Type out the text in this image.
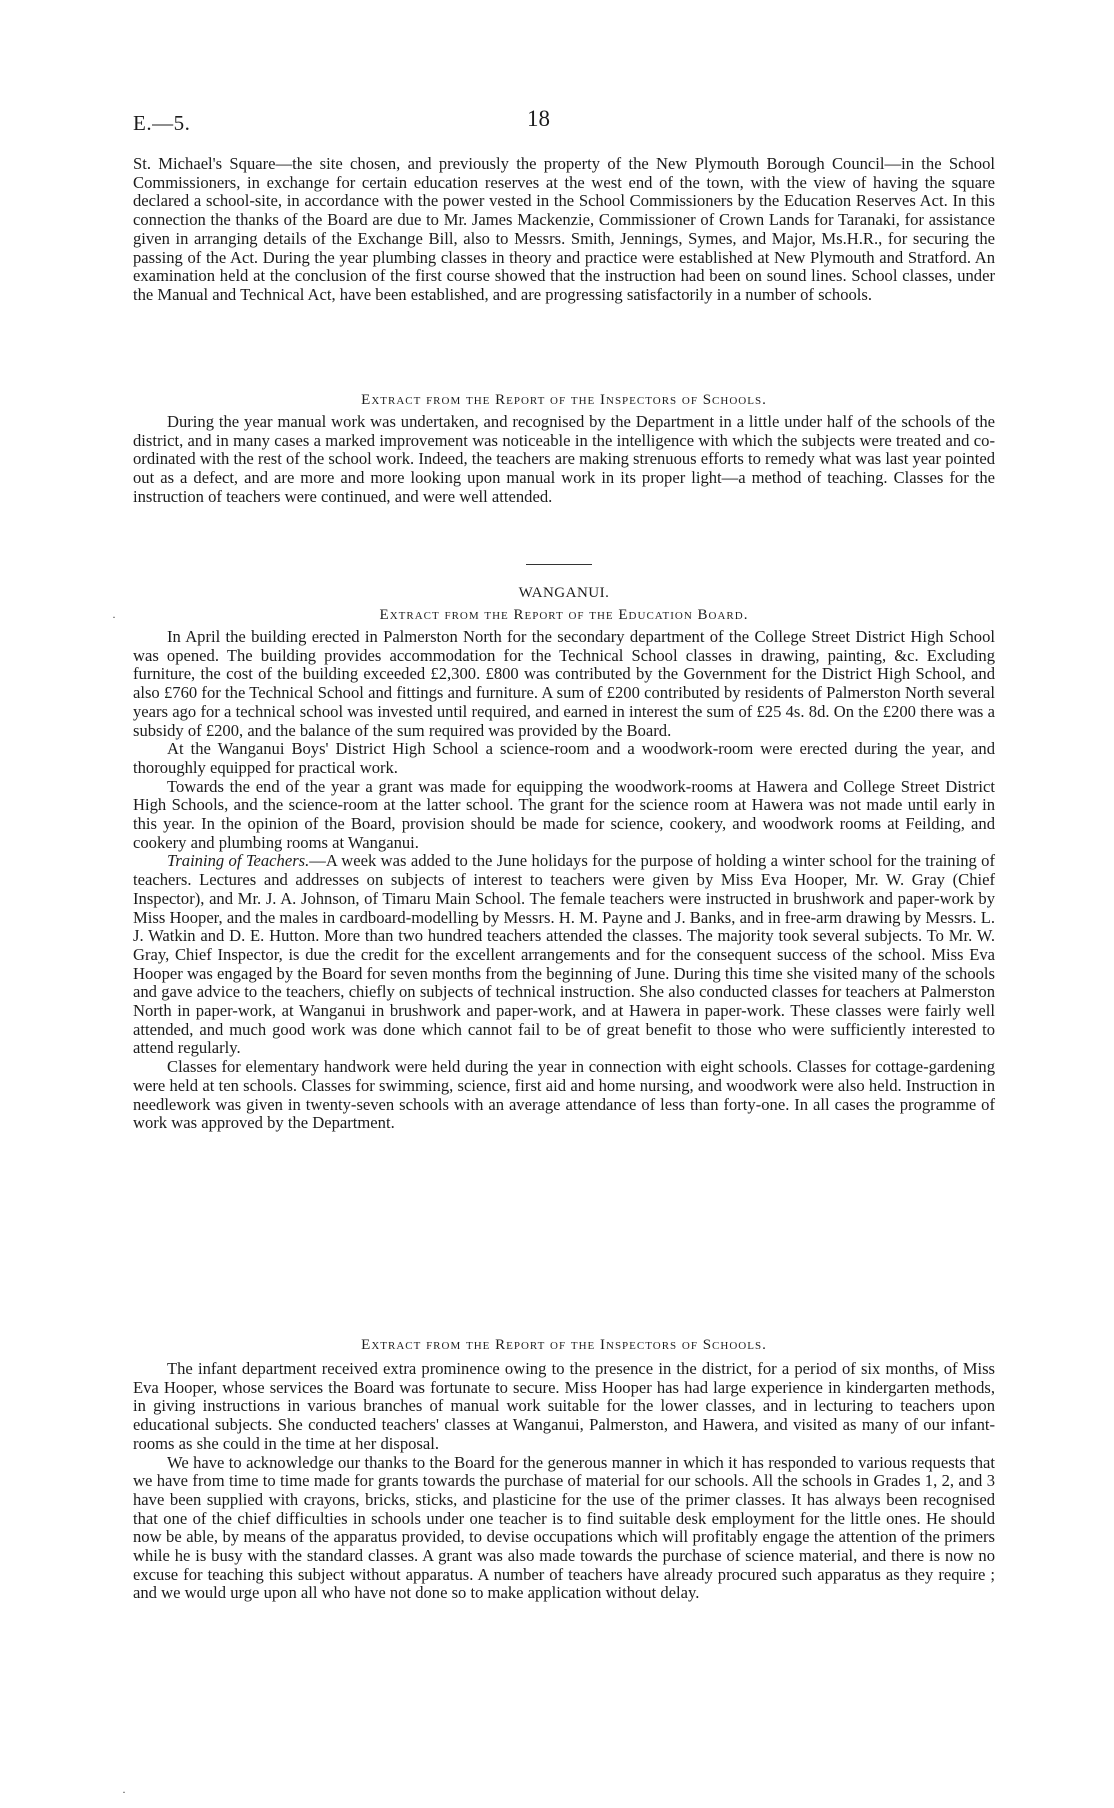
E.—5.	18

St. Michael's Square—the site chosen, and previously the property of the New Plymouth Borough Council—in the School Commissioners, in exchange for certain education reserves at the west end of the town, with the view of having the square declared a school-site, in accordance with the power vested in the School Commissioners by the Education Reserves Act. In this connection the thanks of the Board are due to Mr. James Mackenzie, Commissioner of Crown Lands for Taranaki, for assistance given in arranging details of the Exchange Bill, also to Messrs. Smith, Jennings, Symes, and Major, Ms.H.R., for securing the passing of the Act. During the year plumbing classes in theory and practice were established at New Plymouth and Stratford. An examination held at the conclusion of the first course showed that the instruction had been on sound lines. School classes, under the Manual and Technical Act, have been established, and are progressing satisfactorily in a number of schools.

Extract from the Report of the Inspectors of Schools.

During the year manual work was undertaken, and recognised by the Department in a little under half of the schools of the district, and in many cases a marked improvement was noticeable in the intelligence with which the subjects were treated and co-ordinated with the rest of the school work. Indeed, the teachers are making strenuous efforts to remedy what was last year pointed out as a defect, and are more and more looking upon manual work in its proper light—a method of teaching. Classes for the instruction of teachers were continued, and were well attended.

WANGANUI.
Extract from the Report of the Education Board.

In April the building erected in Palmerston North for the secondary department of the College Street District High School was opened. The building provides accommodation for the Technical School classes in drawing, painting, &c. Excluding furniture, the cost of the building exceeded £2,300. £800 was contributed by the Government for the District High School, and also £760 for the Technical School and fittings and furniture. A sum of £200 contributed by residents of Palmerston North several years ago for a technical school was invested until required, and earned in interest the sum of £25 4s. 8d. On the £200 there was a subsidy of £200, and the balance of the sum required was provided by the Board.

At the Wanganui Boys' District High School a science-room and a woodwork-room were erected during the year, and thoroughly equipped for practical work.

Towards the end of the year a grant was made for equipping the woodwork-rooms at Hawera and College Street District High Schools, and the science-room at the latter school. The grant for the science room at Hawera was not made until early in this year. In the opinion of the Board, provision should be made for science, cookery, and woodwork rooms at Feilding, and cookery and plumbing rooms at Wanganui.

Training of Teachers.—A week was added to the June holidays for the purpose of holding a winter school for the training of teachers. Lectures and addresses on subjects of interest to teachers were given by Miss Eva Hooper, Mr. W. Gray (Chief Inspector), and Mr. J. A. Johnson, of Timaru Main School. The female teachers were instructed in brushwork and paper-work by Miss Hooper, and the males in cardboard-modelling by Messrs. H. M. Payne and J. Banks, and in free-arm drawing by Messrs. L. J. Watkin and D. E. Hutton. More than two hundred teachers attended the classes. The majority took several subjects. To Mr. W. Gray, Chief Inspector, is due the credit for the excellent arrangements and for the consequent success of the school. Miss Eva Hooper was engaged by the Board for seven months from the beginning of June. During this time she visited many of the schools and gave advice to the teachers, chiefly on subjects of technical instruction. She also conducted classes for teachers at Palmerston North in paper-work, at Wanganui in brushwork and paper-work, and at Hawera in paper-work. These classes were fairly well attended, and much good work was done which cannot fail to be of great benefit to those who were sufficiently interested to attend regularly.

Classes for elementary handwork were held during the year in connection with eight schools. Classes for cottage-gardening were held at ten schools. Classes for swimming, science, first aid and home nursing, and woodwork were also held. Instruction in needlework was given in twenty-seven schools with an average attendance of less than forty-one. In all cases the programme of work was approved by the Department.

Extract from the Report of the Inspectors of Schools.

The infant department received extra prominence owing to the presence in the district, for a period of six months, of Miss Eva Hooper, whose services the Board was fortunate to secure. Miss Hooper has had large experience in kindergarten methods, in giving instructions in various branches of manual work suitable for the lower classes, and in lecturing to teachers upon educational subjects. She conducted teachers' classes at Wanganui, Palmerston, and Hawera, and visited as many of our infant-rooms as she could in the time at her disposal.

We have to acknowledge our thanks to the Board for the generous manner in which it has responded to various requests that we have from time to time made for grants towards the purchase of material for our schools. All the schools in Grades 1, 2, and 3 have been supplied with crayons, bricks, sticks, and plasticine for the use of the primer classes. It has always been recognised that one of the chief difficulties in schools under one teacher is to find suitable desk employment for the little ones. He should now be able, by means of the apparatus provided, to devise occupations which will profitably engage the attention of the primers while he is busy with the standard classes. A grant was also made towards the purchase of science material, and there is now no excuse for teaching this subject without apparatus. A number of teachers have already procured such apparatus as they require ; and we would urge upon all who have not done so to make application without delay.

·
·
